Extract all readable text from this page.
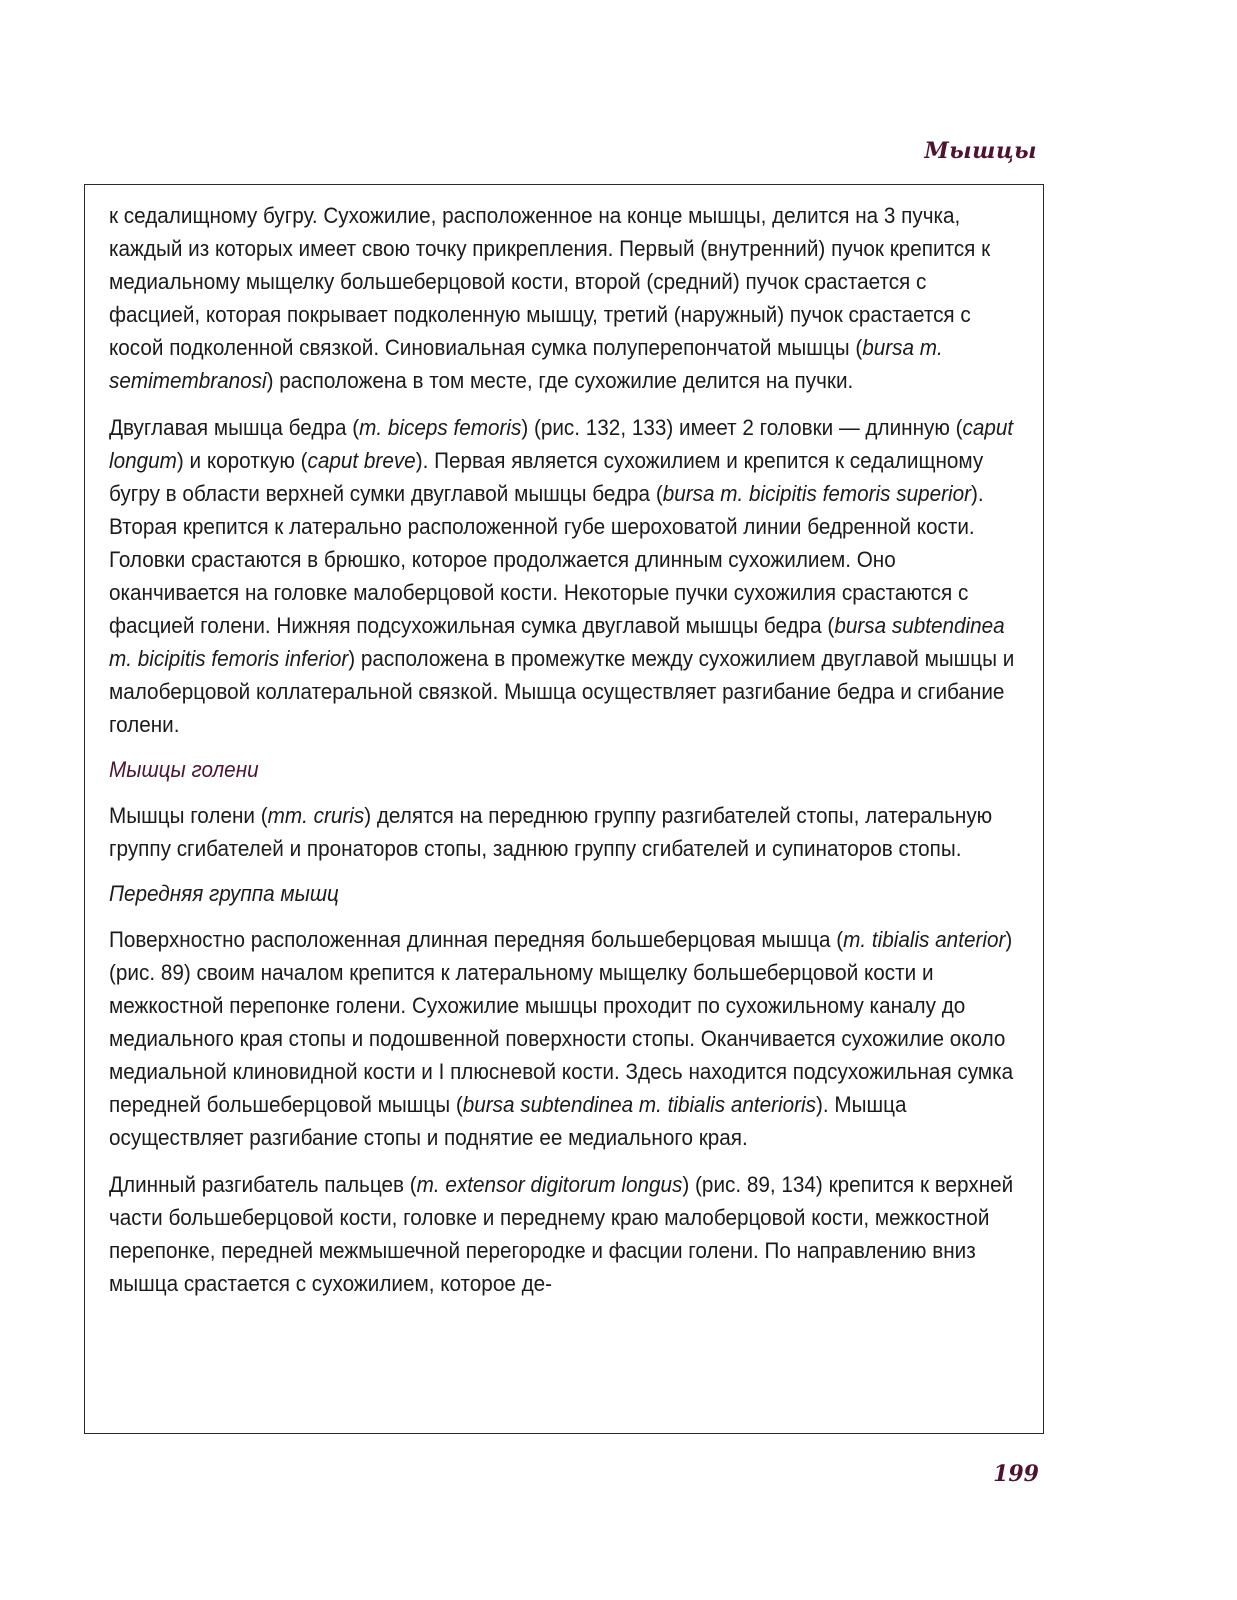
Мышцы

к седалищному бугру. Сухожилие, расположенное на конце мышцы, делится на 3 пучка, каждый из которых имеет свою точку прикрепления. Первый (внутренний) пучок крепится к медиальному мыщелку большеберцовой кости, второй (средний) пучок срастается с фасцией, которая покрывает подколенную мышцу, третий (наружный) пучок срастается с косой подколенной связкой. Синовиальная сумка полуперепончатой мышцы (bursa m. semimembranosi) расположена в том месте, где сухожилие делится на пучки.

Двуглавая мышца бедра (m. biceps femoris) (рис. 132, 133) имеет 2 головки — длинную (caput longum) и короткую (caput breve). Первая является сухожилием и крепится к седалищному бугру в области верхней сумки двуглавой мышцы бедра (bursa m. bicipitis femoris superior). Вторая крепится к латерально расположенной губе шероховатой линии бедренной кости. Головки срастаются в брюшко, которое продолжается длинным сухожилием. Оно оканчивается на головке малоберцовой кости. Некоторые пучки сухожилия срастаются с фасцией голени. Нижняя подсухожильная сумка двуглавой мышцы бедра (bursa subtendinea m. bicipitis femoris inferior) расположена в промежутке между сухожилием двуглавой мышцы и малоберцовой коллатеральной связкой. Мышца осуществляет разгибание бедра и сгибание голени.

Мышцы голени

Мышцы голени (mm. cruris) делятся на переднюю группу разгибателей стопы, латеральную группу сгибателей и пронаторов стопы, заднюю группу сгибателей и супинаторов стопы.

Передняя группа мышц

Поверхностно расположенная длинная передняя большеберцовая мышца (m. tibialis anterior) (рис. 89) своим началом крепится к латеральному мыщелку большеберцовой кости и межкостной перепонке голени. Сухожилие мышцы проходит по сухожильному каналу до медиального края стопы и подошвенной поверхности стопы. Оканчивается сухожилие около медиальной клиновидной кости и I плюсневой кости. Здесь находится подсухожильная сумка передней большеберцовой мышцы (bursa subtendinea m. tibialis anterioris). Мышца осуществляет разгибание стопы и поднятие ее медиального края.

Длинный разгибатель пальцев (m. extensor digitorum longus) (рис. 89, 134) крепится к верхней части большеберцовой кости, головке и переднему краю малоберцовой кости, межкостной перепонке, передней межмышечной перегородке и фасции голени. По направлению вниз мышца срастается с сухожилием, которое де-

199
